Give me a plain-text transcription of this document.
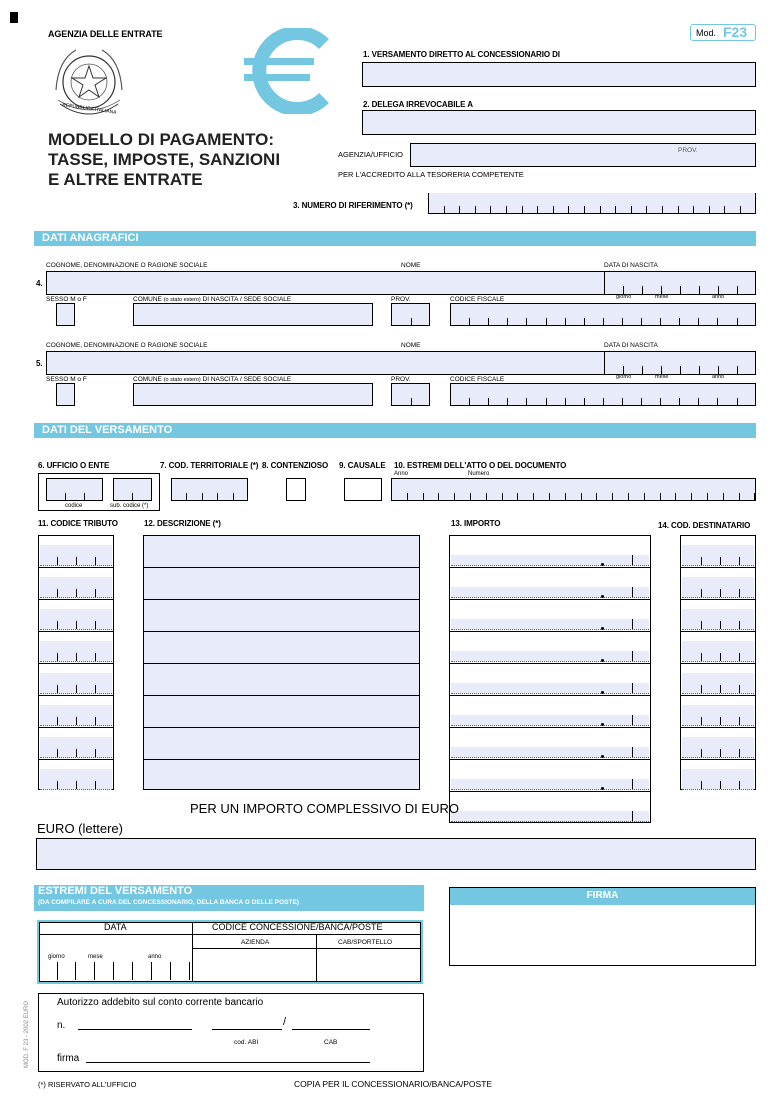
AGENZIA DELLE ENTRATE
REPUBBLICA ITALIANA
MODELLO DI PAGAMENTO:
TASSE, IMPOSTE, SANZIONI
E ALTRE ENTRATE
Mod. F23
1. VERSAMENTO DIRETTO AL CONCESSIONARIO DI
2. DELEGA IRREVOCABILE A
AGENZIA/UFFICIO	PROV.
PER L'ACCREDITO ALLA TESORERIA COMPETENTE
3. NUMERO DI RIFERIMENTO (*)
DATI ANAGRAFICI
COGNOME, DENOMINAZIONE O RAGIONE SOCIALE	NOME	DATA DI NASCITA
4.
SESSO M o F	COMUNE (o stato estero) DI NASCITA / SEDE SOCIALE	PROV.	CODICE FISCALE	giorno	mese	anno
COGNOME, DENOMINAZIONE O RAGIONE SOCIALE	NOME	DATA DI NASCITA
5.
SESSO M o F	COMUNE (o stato estero) DI NASCITA / SEDE SOCIALE	PROV.	CODICE FISCALE	giorno	mese	anno
DATI DEL VERSAMENTO
6. UFFICIO O ENTE	7. COD. TERRITORIALE (*) 8. CONTENZIOSO 9. CAUSALE 10. ESTREMI DELL'ATTO O DEL DOCUMENTO
codice	sub. codice (*)
Anno	Numero
11. CODICE TRIBUTO	12. DESCRIZIONE (*)	13. IMPORTO	14. COD. DESTINATARIO
PER UN IMPORTO COMPLESSIVO DI EURO
EURO (lettere)
ESTREMI DEL VERSAMENTO
(DA COMPILARE A CURA DEL CONCESSIONARIO, DELLA BANCA O DELLE POSTE)
DATA	CODICE CONCESSIONE/BANCA/POSTE
AZIENDA	CAB/SPORTELLO
giorno	mese	anno
FIRMA
Autorizzo addebito sul conto corrente bancario
n.	/
cod. ABI	CAB
firma
MOD. F 23 - 2002 EURO
(*) RISERVATO ALL'UFFICIO	COPIA PER IL CONCESSIONARIO/BANCA/POSTE
